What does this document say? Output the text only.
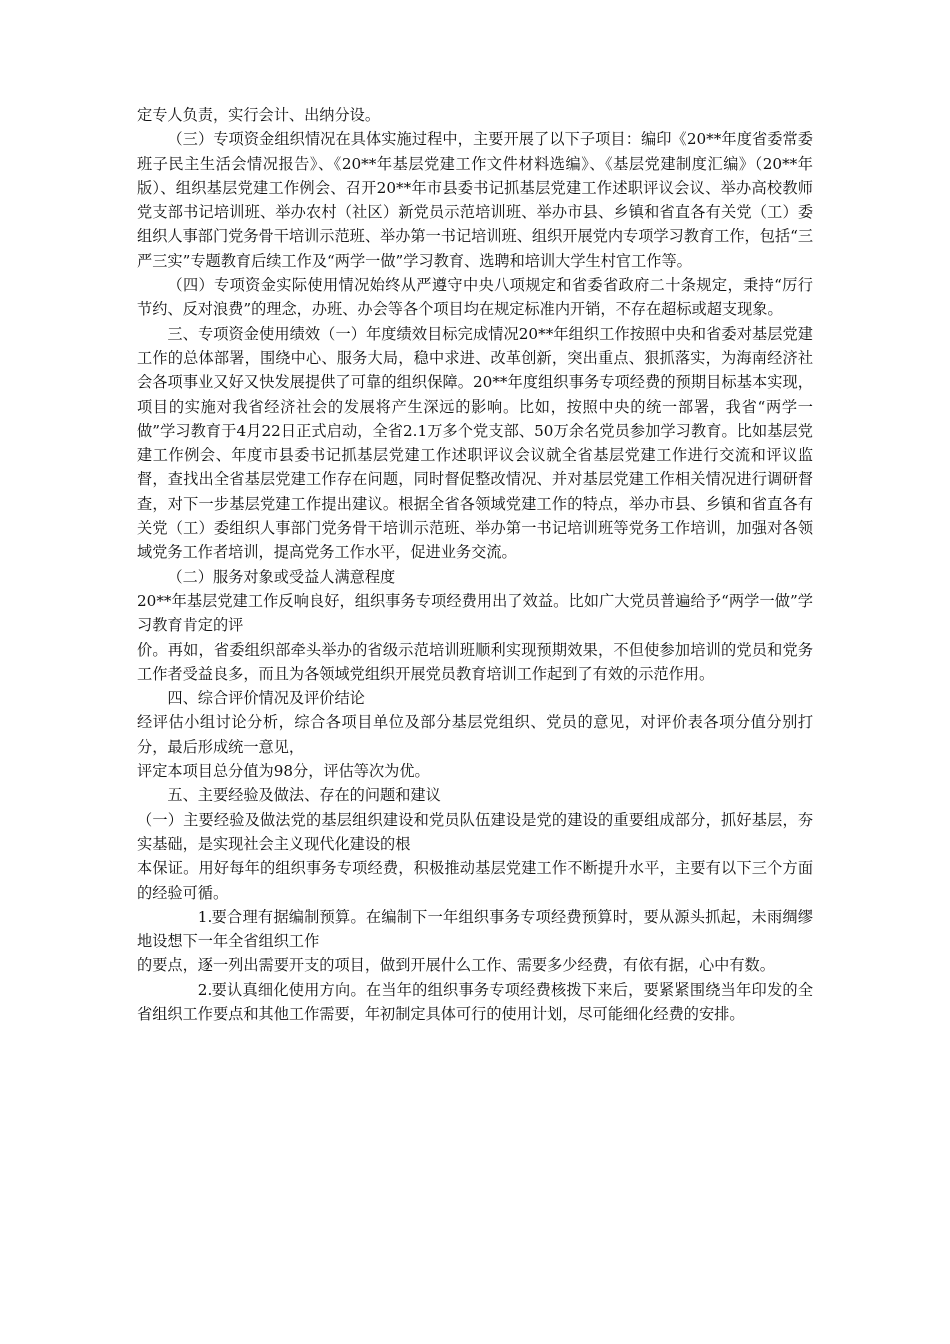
定专人负责，实行会计、出纳分设。

（三）专项资金组织情况在具体实施过程中，主要开展了以下子项目：编印《20**年度省委常委班子民主生活会情况报告》、《20**年基层党建工作文件材料选编》、《基层党建制度汇编》（20**年版）、组织基层党建工作例会、召开20**年市县委书记抓基层党建工作述职评议会议、举办高校教师党支部书记培训班、举办农村（社区）新党员示范培训班、举办市县、乡镇和省直各有关党（工）委组织人事部门党务骨干培训示范班、举办第一书记培训班、组织开展党内专项学习教育工作，包括“三严三实”专题教育后续工作及“两学一做”学习教育、选聘和培训大学生村官工作等。

（四）专项资金实际使用情况始终从严遵守中央八项规定和省委省政府二十条规定，秉持“厉行节约、反对浪费”的理念，办班、办会等各个项目均在规定标准内开销，不存在超标或超支现象。

三、专项资金使用绩效（一）年度绩效目标完成情况20**年组织工作按照中央和省委对基层党建工作的总体部署，围绕中心、服务大局，稳中求进、改革创新，突出重点、狠抓落实，为海南经济社会各项事业又好又快发展提供了可靠的组织保障。20**年度组织事务专项经费的预期目标基本实现，项目的实施对我省经济社会的发展将产生深远的影响。比如，按照中央的统一部署，我省“两学一做”学习教育于4月22日正式启动，全省2.1万多个党支部、50万余名党员参加学习教育。比如基层党建工作例会、年度市县委书记抓基层党建工作述职评议会议就全省基层党建工作进行交流和评议监督，查找出全省基层党建工作存在问题，同时督促整改情况、并对基层党建工作相关情况进行调研督查，对下一步基层党建工作提出建议。根据全省各领域党建工作的特点，举办市县、乡镇和省直各有关党（工）委组织人事部门党务骨干培训示范班、举办第一书记培训班等党务工作培训，加强对各领域党务工作者培训，提高党务工作水平，促进业务交流。

（二）服务对象或受益人满意程度

20**年基层党建工作反响良好，组织事务专项经费用出了效益。比如广大党员普遍给予“两学一做”学习教育肯定的评

价。再如，省委组织部牵头举办的省级示范培训班顺利实现预期效果，不但使参加培训的党员和党务工作者受益良多，而且为各领域党组织开展党员教育培训工作起到了有效的示范作用。

四、综合评价情况及评价结论

经评估小组讨论分析，综合各项目单位及部分基层党组织、党员的意见，对评价表各项分值分别打分，最后形成统一意见，

评定本项目总分值为98分，评估等次为优。

五、主要经验及做法、存在的问题和建议

（一）主要经验及做法党的基层组织建设和党员队伍建设是党的建设的重要组成部分，抓好基层，夯实基础，是实现社会主义现代化建设的根

本保证。用好每年的组织事务专项经费，积极推动基层党建工作不断提升水平，主要有以下三个方面的经验可循。

1.要合理有据编制预算。在编制下一年组织事务专项经费预算时，要从源头抓起，未雨绸缪地设想下一年全省组织工作

的要点，逐一列出需要开支的项目，做到开展什么工作、需要多少经费，有依有据，心中有数。

2.要认真细化使用方向。在当年的组织事务专项经费核拨下来后，要紧紧围绕当年印发的全省组织工作要点和其他工作需要，年初制定具体可行的使用计划，尽可能细化经费的安排。
